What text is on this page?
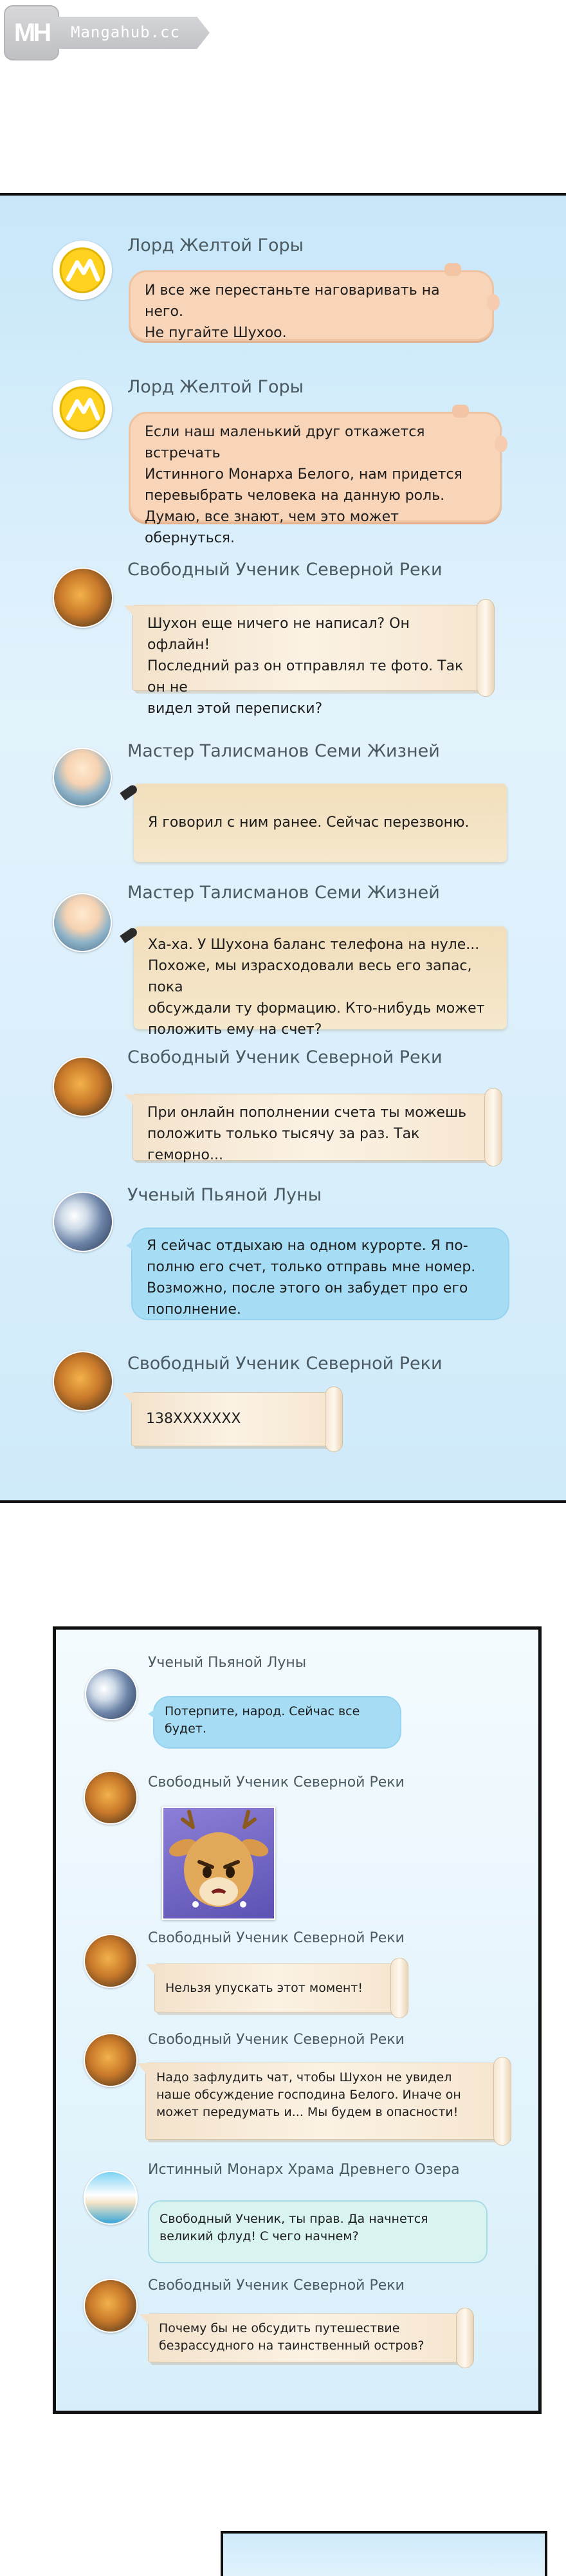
MH	Mangahub.cc
Лорд Желтой Горы
И все же перестаньте наговаривать на него.
Не пугайте Шухоо.
Лорд Желтой Горы
Если наш маленький друг откажется встречать
Истинного Монарха Белого, нам придется
перевыбрать человека на данную роль.
Думаю, все знают, чем это может обернуться.
Свободный Ученик Северной Реки
Шухон еще ничего не написал? Он офлайн!
Последний раз он отправлял те фото. Так он не
видел этой переписки?
Мастер Талисманов Семи Жизней
Я говорил с ним ранее. Сейчас перезвоню.
Мастер Талисманов Семи Жизней
Ха-ха. У Шухона баланс телефона на нуле...
Похоже, мы израсходовали весь его запас, пока
обсуждали ту формацию. Кто-нибудь может
положить ему на счет?
Свободный Ученик Северной Реки
При онлайн пополнении счета ты можешь
положить только тысячу за раз. Так геморно...
Ученый Пьяной Луны
Я сейчас отдыхаю на одном курорте. Я по-
полню его счет, только отправь мне номер.
Возможно, после этого он забудет про его
пополнение.
Свободный Ученик Северной Реки
138XXXXXXX
Ученый Пьяной Луны
Потерпите, народ. Сейчас все
будет.
Свободный Ученик Северной Реки
Свободный Ученик Северной Реки
Нельзя упускать этот момент!
Свободный Ученик Северной Реки
Надо зафлудить чат, чтобы Шухон не увидел
наше обсуждение господина Белого. Иначе он
может передумать и... Мы будем в опасности!
Истинный Монарх Храма Древнего Озера
Свободный Ученик, ты прав. Да начнется
великий флуд! С чего начнем?
Свободный Ученик Северной Реки
Почему бы не обсудить путешествие
безрассудного на таинственный остров?
